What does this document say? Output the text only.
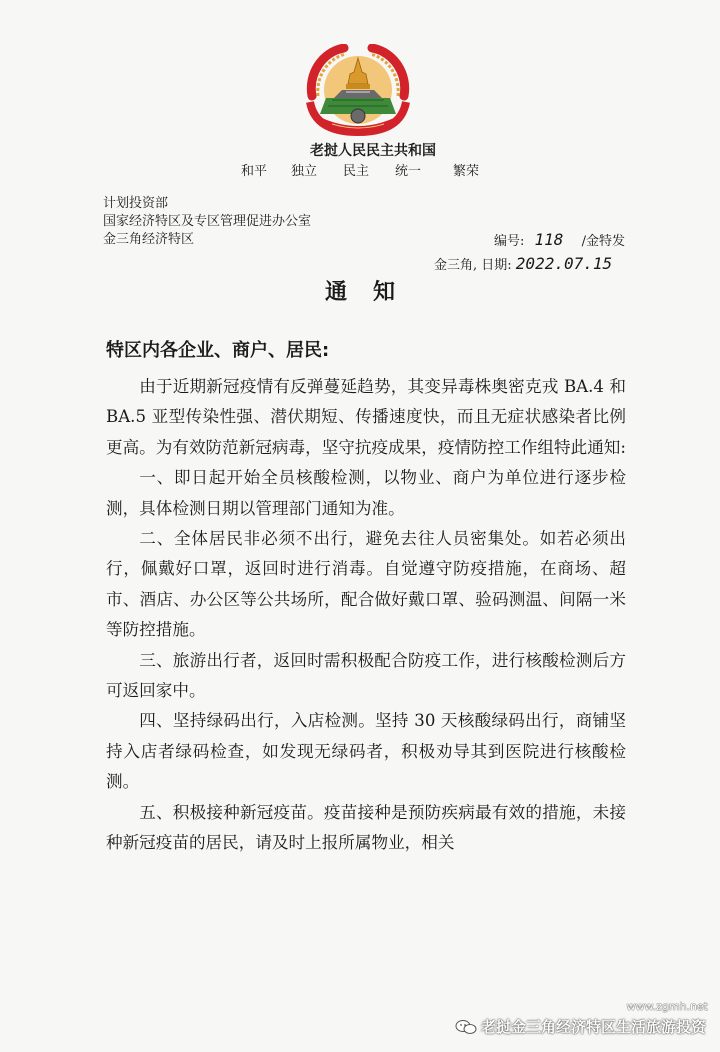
老挝人民民主共和国
和平	独立	民主	统一	繁荣
计划投资部
国家经济特区及专区管理促进办公室
金三角经济特区	编号: 118 /金特发
金三角, 日期: 2022.07.15
通知
特区内各企业、商户、居民:

由于近期新冠疫情有反弹蔓延趋势，其变异毒株奥密克戎 BA.4 和 BA.5 亚型传染性强、潜伏期短、传播速度快，而且无症状感染者比例更高。为有效防范新冠病毒，坚守抗疫成果，疫情防控工作组特此通知:

一、即日起开始全员核酸检测，以物业、商户为单位进行逐步检测，具体检测日期以管理部门通知为准。

二、全体居民非必须不出行，避免去往人员密集处。如若必须出行，佩戴好口罩，返回时进行消毒。自觉遵守防疫措施，在商场、超市、酒店、办公区等公共场所，配合做好戴口罩、验码测温、间隔一米等防控措施。

三、旅游出行者，返回时需积极配合防疫工作，进行核酸检测后方可返回家中。

四、坚持绿码出行，入店检测。坚持 30 天核酸绿码出行，商铺坚持入店者绿码检查，如发现无绿码者，积极劝导其到医院进行核酸检测。

五、积极接种新冠疫苗。疫苗接种是预防疾病最有效的措施，未接种新冠疫苗的居民，请及时上报所属物业，相关

www.zgmh.net
老挝金三角经济特区生活旅游投资
